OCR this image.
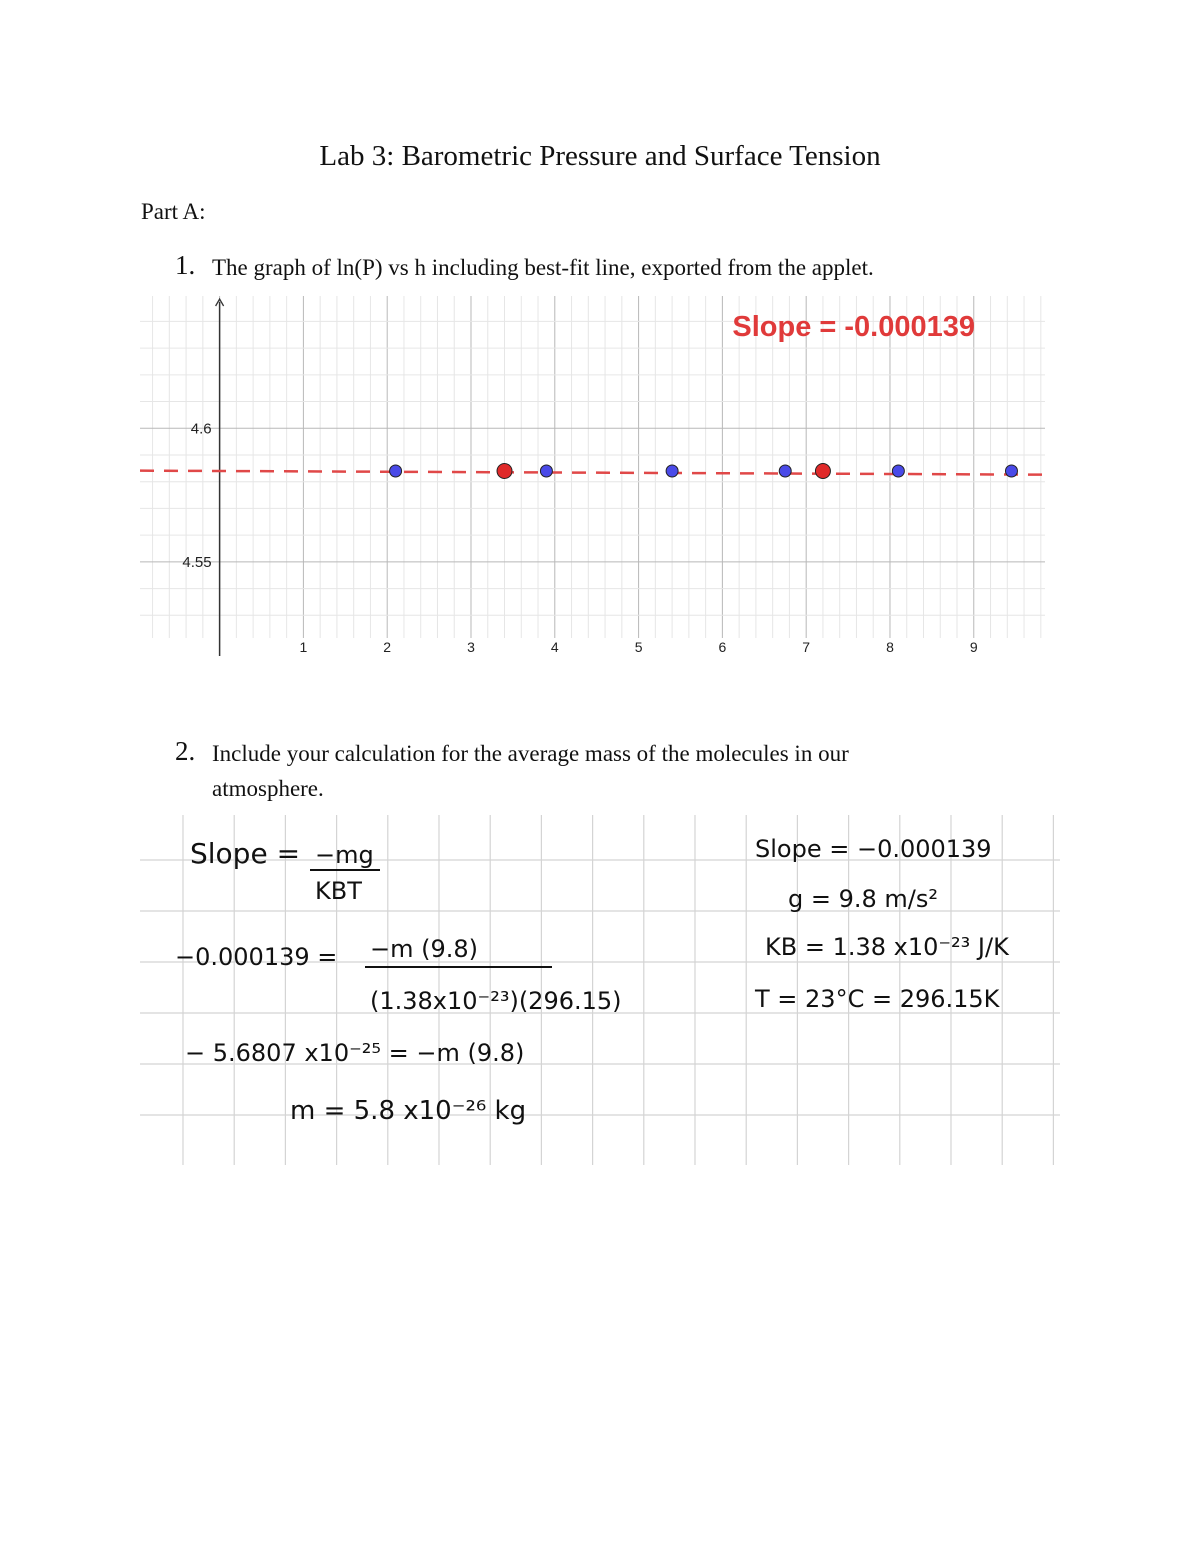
Lab 3: Barometric Pressure and Surface Tension
Part A:
1. The graph of ln(P) vs h including best-fit line, exported from the applet.
1	2	3	4	5	6	7	8	9
4.6
4.55
Slope = -0.000139
2. Include your calculation for the average mass of the molecules in our
atmosphere.
Slope = −mg
KBT
−0.000139 = −m (9.8)
(1.38x10⁻²³)(296.15)
− 5.6807 x10⁻²⁵ = −m (9.8)
m = 5.8 x10⁻²⁶ kg
Slope = −0.000139
g = 9.8 m/s²
KB = 1.38 x10⁻²³ J/K
T = 23°C = 296.15K
